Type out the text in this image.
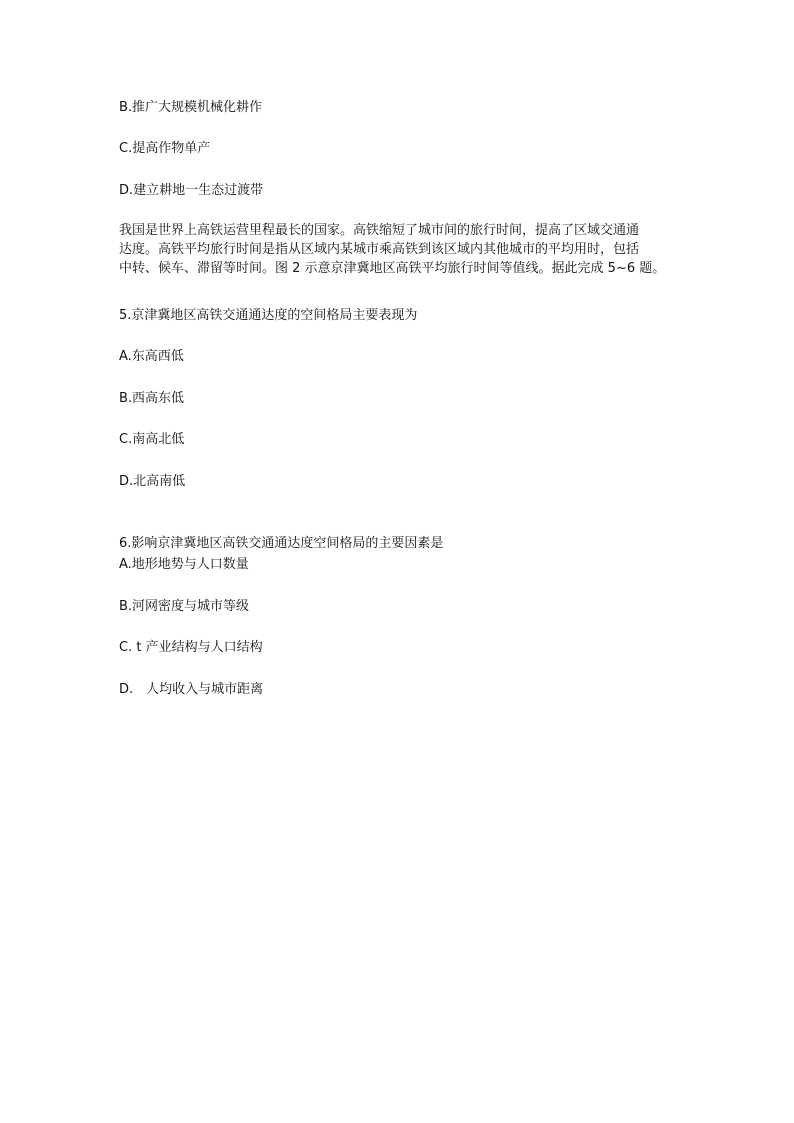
B.推广大规模机械化耕作
C.提高作物单产
D.建立耕地一生态过渡带
我国是世界上高铁运营里程最长的国家。高铁缩短了城市间的旅行时间，提高了区域交通通
达度。高铁平均旅行时间是指从区域内某城市乘高铁到该区域内其他城市的平均用时，包括
中转、候车、滞留等时间。图 2 示意京津冀地区高铁平均旅行时间等值线。据此完成 5~6 题。
5.京津冀地区高铁交通通达度的空间格局主要表现为
A.东高西低
B.西高东低
C.南高北低
D.北高南低
6.影响京津冀地区高铁交通通达度空间格局的主要因素是
A.地形地势与人口数量
B.河网密度与城市等级
C. t 产业结构与人口结构
D.　人均收入与城市距离
